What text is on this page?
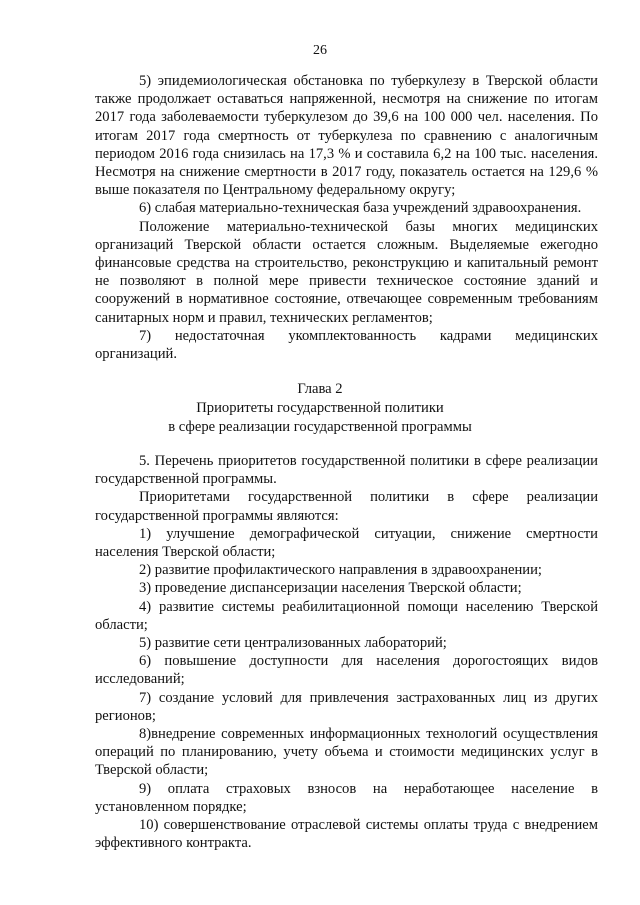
26

5) эпидемиологическая обстановка по туберкулезу в Тверской области также продолжает оставаться напряженной, несмотря на снижение по итогам 2017 года заболеваемости туберкулезом до 39,6 на 100 000 чел. населения. По итогам 2017 года смертность от туберкулеза по сравнению с аналогичным периодом 2016 года снизилась на 17,3 % и составила 6,2 на 100 тыс. населения. Несмотря на снижение смертности в 2017 году, показатель остается на 129,6 % выше показателя по Центральному федеральному округу;

6) слабая материально-техническая база учреждений здравоохранения.

Положение материально-технической базы многих медицинских организаций Тверской области остается сложным. Выделяемые ежегодно финансовые средства на строительство, реконструкцию и капитальный ремонт не позволяют в полной мере привести техническое состояние зданий и сооружений в нормативное состояние, отвечающее современным требованиям санитарных норм и правил, технических регламентов;

7) недостаточная укомплектованность кадрами медицинских организаций.

Глава 2
Приоритеты государственной политики
в сфере реализации государственной программы

5. Перечень приоритетов государственной политики в сфере реализации государственной программы.

Приоритетами государственной политики в сфере реализации государственной программы являются:

1) улучшение демографической ситуации, снижение смертности населения Тверской области;

2) развитие профилактического направления в здравоохранении;

3) проведение диспансеризации населения Тверской области;

4) развитие системы реабилитационной помощи населению Тверской области;

5) развитие сети централизованных лабораторий;

6) повышение доступности для населения дорогостоящих видов исследований;

7) создание условий для привлечения застрахованных лиц из других регионов;

8)внедрение современных информационных технологий осуществления операций по планированию, учету объема и стоимости медицинских услуг в Тверской области;

9) оплата страховых взносов на неработающее население в установленном порядке;

10) совершенствование отраслевой системы оплаты труда с внедрением эффективного контракта.
